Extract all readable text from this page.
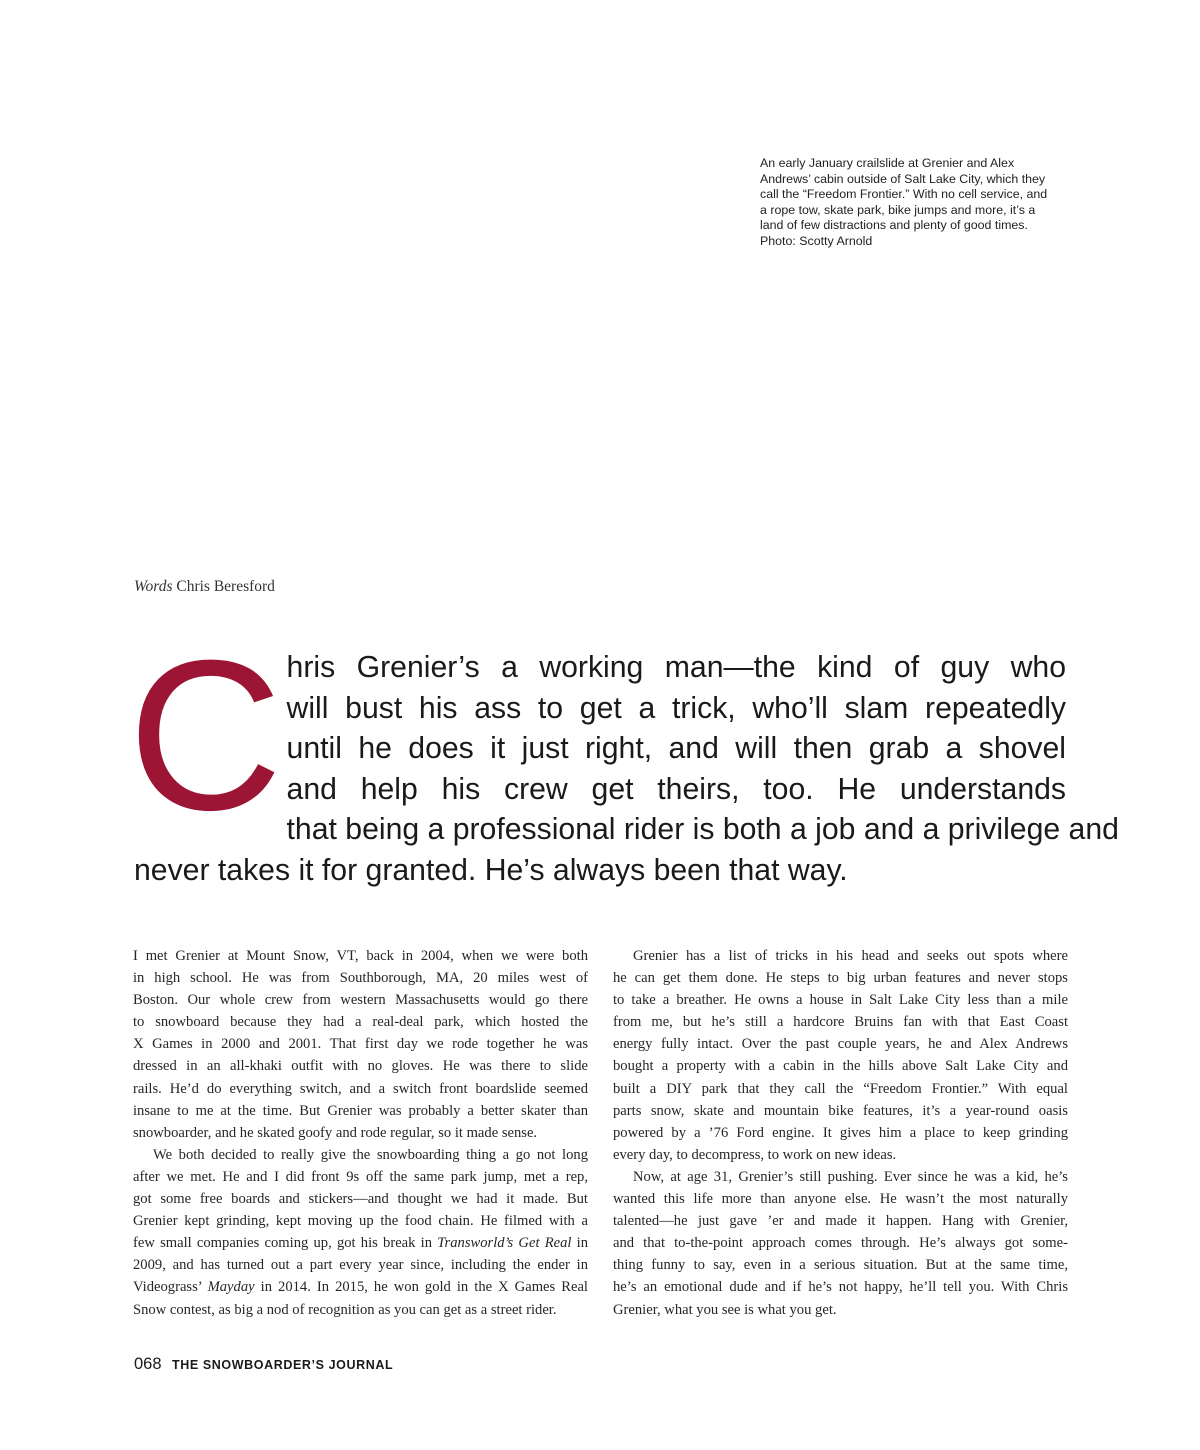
An early January crailslide at Grenier and Alex

Andrews’ cabin outside of Salt Lake City, which they

call the “Freedom Frontier.” With no cell service, and

a rope tow, skate park, bike jumps and more, it’s a

land of few distractions and plenty of good times.

Photo: Scotty Arnold

Words Chris Beresford
C hris Grenier’s a working man—the kind of guy who
will bust his ass to get a trick, who’ll slam repeatedly
until he does it just right, and will then grab a shovel
and help his crew get theirs, too. He understands
that being a professional rider is both a job and a privilege and
never takes it for granted. He’s always been that way.

I met Grenier at Mount Snow, VT, back in 2004, when we were both
in high school. He was from Southborough, MA, 20 miles west of
Boston. Our whole crew from western Massachusetts would go there
to snowboard because they had a real-deal park, which hosted the
X Games in 2000 and 2001. That first day we rode together he was
dressed in an all-khaki outfit with no gloves. He was there to slide
rails. He’d do everything switch, and a switch front boardslide seemed
insane to me at the time. But Grenier was probably a better skater than
snowboarder, and he skated goofy and rode regular, so it made sense.

We both decided to really give the snowboarding thing a go not long
after we met. He and I did front 9s off the same park jump, met a rep,
got some free boards and stickers—and thought we had it made. But
Grenier kept grinding, kept moving up the food chain. He filmed with a
few small companies coming up, got his break in Transworld’s Get Real in
2009, and has turned out a part every year since, including the ender in
Videograss’ Mayday in 2014. In 2015, he won gold in the X Games Real
Snow contest, as big a nod of recognition as you can get as a street rider.

Grenier has a list of tricks in his head and seeks out spots where
he can get them done. He steps to big urban features and never stops
to take a breather. He owns a house in Salt Lake City less than a mile
from me, but he’s still a hardcore Bruins fan with that East Coast
energy fully intact. Over the past couple years, he and Alex Andrews
bought a property with a cabin in the hills above Salt Lake City and
built a DIY park that they call the “Freedom Frontier.” With equal
parts snow, skate and mountain bike features, it’s a year-round oasis
powered by a ’76 Ford engine. It gives him a place to keep grinding
every day, to decompress, to work on new ideas.

Now, at age 31, Grenier’s still pushing. Ever since he was a kid, he’s
wanted this life more than anyone else. He wasn’t the most naturally
talented—he just gave ’er and made it happen. Hang with Grenier,
and that to-the-point approach comes through. He’s always got some-
thing funny to say, even in a serious situation. But at the same time,
he’s an emotional dude and if he’s not happy, he’ll tell you. With Chris
Grenier, what you see is what you get.

068 THE SNOWBOARDER’S JOURNAL
